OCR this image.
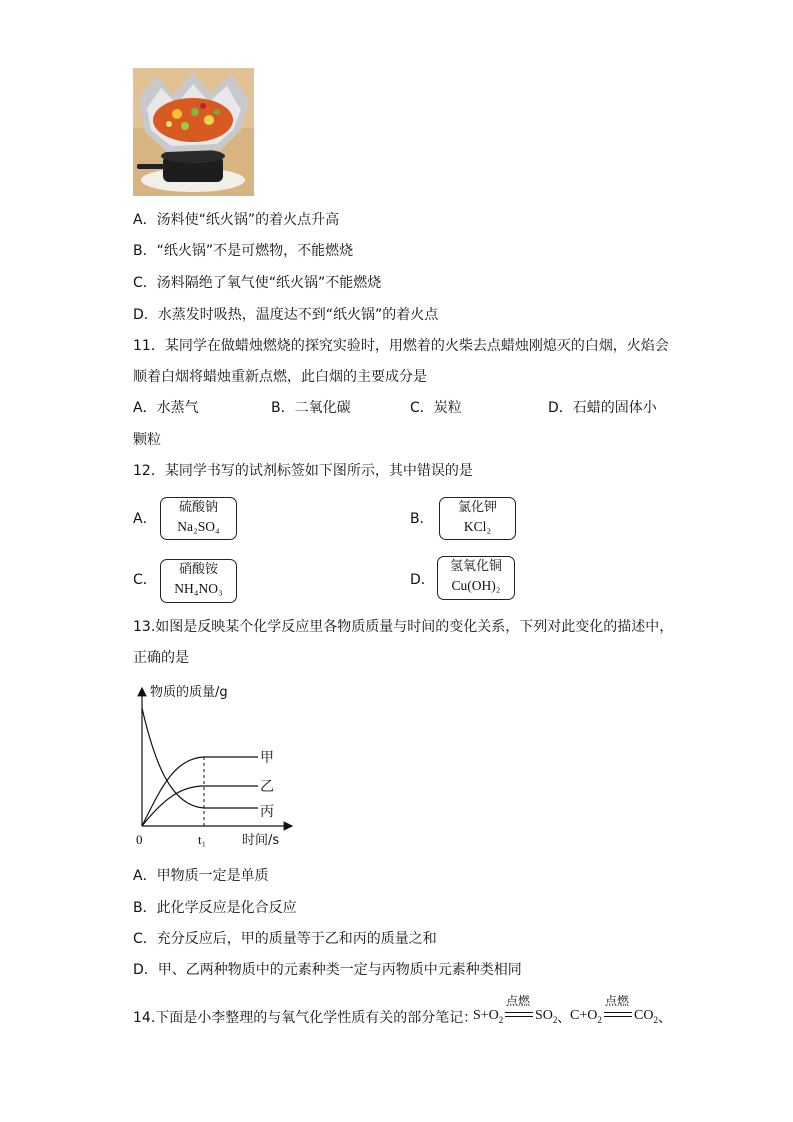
A．汤料使“纸火锅”的着火点升高
B．“纸火锅”不是可燃物，不能燃烧
C．汤料隔绝了氧气使“纸火锅”不能燃烧
D．水蒸发时吸热，温度达不到“纸火锅”的着火点
11．某同学在做蜡烛燃烧的探究实验时，用燃着的火柴去点蜡烛刚熄灭的白烟，火焰会
顺着白烟将蜡烛重新点燃，此白烟的主要成分是
A．水蒸气	B．二氧化碳	C．炭粒	D．石蜡的固体小
颗粒
12．某同学书写的试剂标签如下图所示，其中错误的是
A．
硫酸钠
Na₂SO₄	B．
氯化钾
KCl₂
C．
硝酸铵
NH₄NO₃
D．
氢氧化铜
Cu(OH)₂
13.如图是反映某个化学反应里各物质质量与时间的变化关系，下列对此变化的描述中，
正确的是
物质的质量/g
时间/s
0	t₁
甲
乙
丙
A．甲物质一定是单质
B．此化学反应是化合反应
C．充分反应后，甲的质量等于乙和丙的质量之和
D．甲、乙两种物质中的元素种类一定与丙物质中元素种类相同
14.下面是小李整理的与氧气化学性质有关的部分笔记：
$S+O_2$
点燃
$SO_2$ 、 $C+O_2$
点燃
$CO_2$ 、
